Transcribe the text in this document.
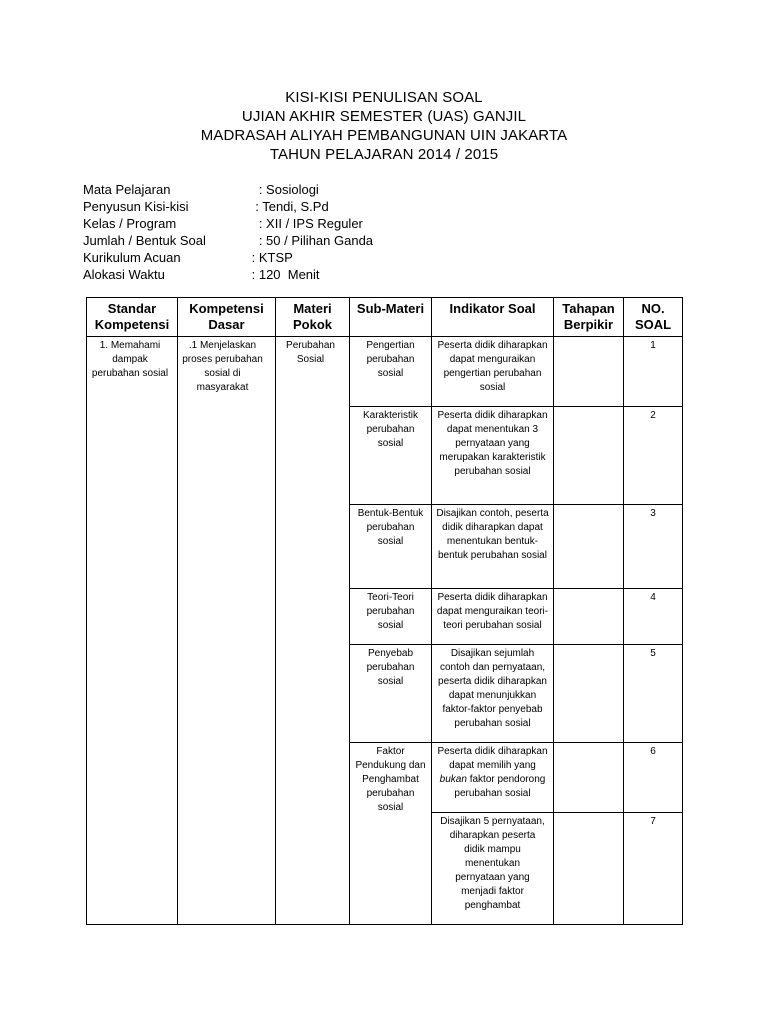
KISI-KISI PENULISAN SOAL
UJIAN AKHIR SEMESTER (UAS) GANJIL
MADRASAH ALIYAH PEMBANGUNAN UIN JAKARTA
TAHUN PELAJARAN 2014 / 2015
Mata Pelajaran	: Sosiologi
Penyusun Kisi-kisi	: Tendi, S.Pd
Kelas / Program	: XII / IPS Reguler
Jumlah / Bentuk Soal	: 50 / Pilihan Ganda
Kurikulum Acuan	: KTSP
Alokasi Waktu	: 120  Menit
Standar Kompetensi	Kompetensi Dasar	Materi Pokok	Sub-Materi	Indikator Soal	Tahapan Berpikir	NO. SOAL
1. Memahami dampak perubahan sosial	.1 Menjelaskan proses perubahan sosial di masyarakat	Perubahan Sosial	Pengertian perubahan sosial	Peserta didik diharapkan dapat menguraikan pengertian perubahan sosial		1
			Karakteristik perubahan sosial	Peserta didik diharapkan dapat menentukan 3 pernyataan yang merupakan karakteristik perubahan sosial		2
			Bentuk-Bentuk perubahan sosial	Disajikan contoh, peserta didik diharapkan dapat menentukan bentuk-bentuk perubahan sosial		3
			Teori-Teori perubahan sosial	Peserta didik diharapkan dapat menguraikan teori-teori perubahan sosial		4
			Penyebab perubahan sosial	Disajikan sejumlah contoh dan pernyataan, peserta didik diharapkan dapat menunjukkan faktor-faktor penyebab perubahan sosial		5
			Faktor Pendukung dan Penghambat perubahan sosial	Peserta didik diharapkan dapat memilih yang bukan faktor pendorong perubahan sosial		6
				Disajikan 5 pernyataan, diharapkan peserta didik mampu menentukan pernyataan yang menjadi faktor penghambat		7
